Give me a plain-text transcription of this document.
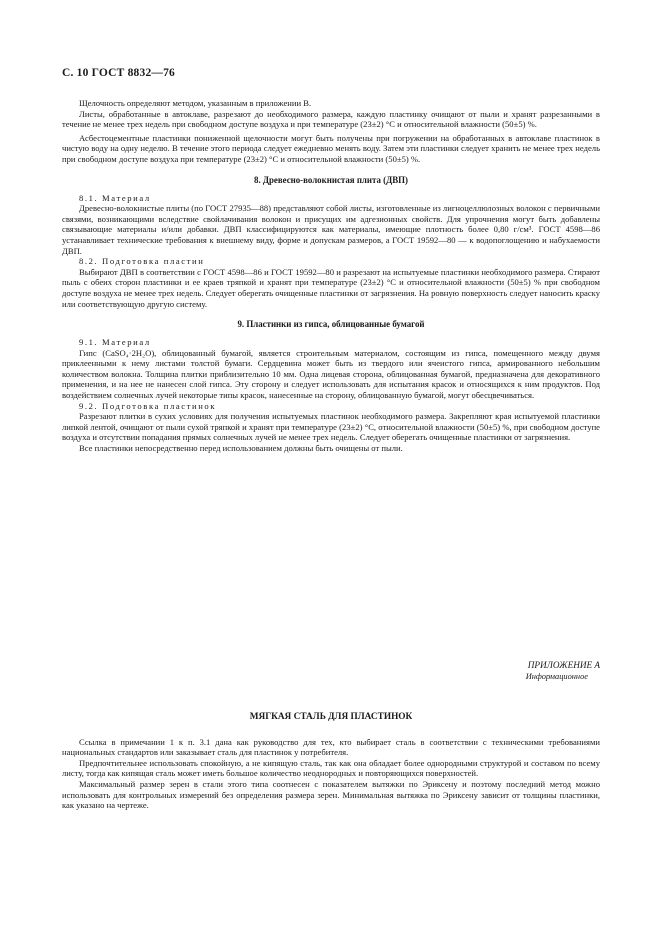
С. 10 ГОСТ 8832—76

Щелочность определяют методом, указанным в приложении В.

Листы, обработанные в автоклаве, разрезают до необходимого размера, каждую пластинку очищают от пыли и хранят разрезанными в течение не менее трех недель при свободном доступе воздуха и при температуре (23±2) °С и относительной влажности (50±5) %.

Асбестоцементные пластинки пониженной щелочности могут быть получены при погружении на обработанных в автоклаве пластинок в чистую воду на одну неделю. В течение этого периода следует ежедневно менять воду. Затем эти пластинки следует хранить не менее трех недель при свободном доступе воздуха при температуре (23±2) °С и относительной влажности (50±5) %.

8. Древесно-волокнистая плита (ДВП)

8.1. Материал

Древесно-волокнистые плиты (по ГОСТ 27935—88) представляют собой листы, изготовленные из лигноцеллюлозных волокон с первичными связями, возникающими вследствие свойлачивания волокон и присущих им адгезионных свойств. Для упрочнения могут быть добавлены связывающие материалы и/или добавки. ДВП классифицируются как материалы, имеющие плотность более 0,80 г/см³. ГОСТ 4598—86 устанавливает технические требования к внешнему виду, форме и допускам размеров, а ГОСТ 19592—80 — к водопоглощению и набухаемости ДВП.

8.2. Подготовка пластин

Выбирают ДВП в соответствии с ГОСТ 4598—86 и ГОСТ 19592—80 и разрезают на испытуемые пластинки необходимого размера. Стирают пыль с обеих сторон пластинки и ее краев тряпкой и хранят при температуре (23±2) °С и относительной влажности (50±5) % при свободном доступе воздуха не менее трех недель. Следует оберегать очищенные пластинки от загрязнения. На ровную поверхность следует наносить краску или соответствующую другую систему.

9. Пластинки из гипса, облицованные бумагой

9.1. Материал

Гипс (CaSO₄·2H₂O), облицованный бумагой, является строительным материалом, состоящим из гипса, помещенного между двумя приклеенными к нему листами толстой бумаги. Сердцевина может быть из твердого или ячеистого гипса, армированного небольшим количеством волокна. Толщина плитки приблизительно 10 мм. Одна лицевая сторона, облицованная бумагой, предназначена для декоративного применения, и на нее не нанесен слой гипса. Эту сторону и следует использовать для испытания красок и относящихся к ним продуктов. Под воздействием солнечных лучей некоторые типы красок, нанесенные на сторону, облицованную бумагой, могут обесцвечиваться.

9.2. Подготовка пластинок

Разрезают плитки в сухих условиях для получения испытуемых пластинок необходимого размера. Закрепляют края испытуемой пластинки липкой лентой, очищают от пыли сухой тряпкой и хранят при температуре (23±2) °С, относительной влажности (50±5) %, при свободном доступе воздуха и отсутствии попадания прямых солнечных лучей не менее трех недель. Следует оберегать очищенные пластинки от загрязнения.

Все пластинки непосредственно перед использованием должны быть очищены от пыли.

ПРИЛОЖЕНИЕ А
Информационное
МЯГКАЯ СТАЛЬ ДЛЯ ПЛАСТИНОК

Ссылка в примечании 1 к п. 3.1 дана как руководство для тех, кто выбирает сталь в соответствии с техническими требованиями национальных стандартов или заказывает сталь для пластинок у потребителя.

Предпочтительнее использовать спокойную, а не кипящую сталь, так как она обладает более однородными структурой и составом по всему листу, тогда как кипящая сталь может иметь большое количество неоднородных и повторяющихся поверхностей.

Максимальный размер зерен в стали этого типа соотнесен с показателем вытяжки по Эриксену и поэтому последний метод можно использовать для контрольных измерений без определения размера зерен. Минимальная вытяжка по Эриксену зависит от толщины пластинки, как указано на чертеже.
